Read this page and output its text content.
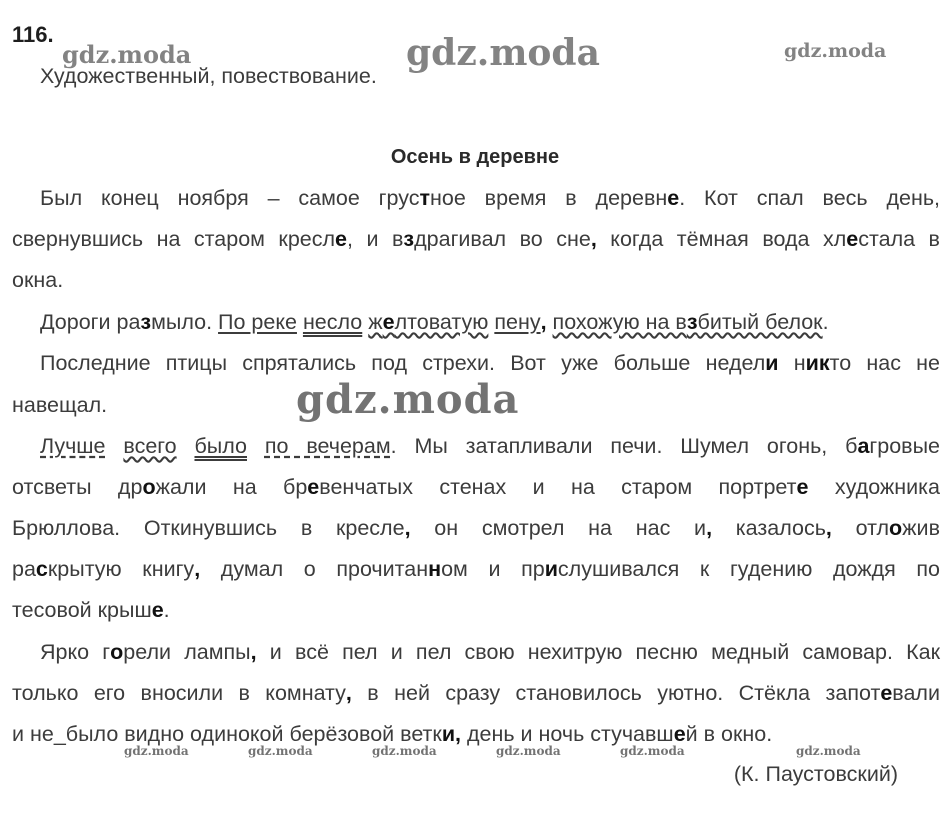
116.
Художественный, повествование.
Осень в деревне
Был конец ноября – самое грустное время в деревне. Кот спал весь день,
свернувшись на старом кресле, и вздрагивал во сне, когда тёмная вода хлестала в
окна.
Дороги размыло. По реке несло желтоватую пену, похожую на взбитый белок.
Последние птицы спрятались под стрехи. Вот уже больше недели никто нас не
навещал.
Лучше всего было по вечерам. Мы затапливали печи. Шумел огонь, багровые
отсветы дрожали на бревенчатых стенах и на старом портрете художника
Брюллова. Откинувшись в кресле, он смотрел на нас и, казалось, отложив
раскрытую книгу, думал о прочитанном и прислушивался к гудению дождя по
тесовой крыше.
Ярко горели лампы, и всё пел и пел свою нехитрую песню медный самовар. Как
только его вносили в комнату, в ней сразу становилось уютно. Стёкла запотевали
и не_было видно одинокой берёзовой ветки, день и ночь стучавшей в окно.
(К. Паустовский)
gdz.moda	gdz.moda	gdz.moda
gdz.moda
gdz.moda	gdz.moda	gdz.moda	gdz.moda	gdz.moda	gdz.moda
